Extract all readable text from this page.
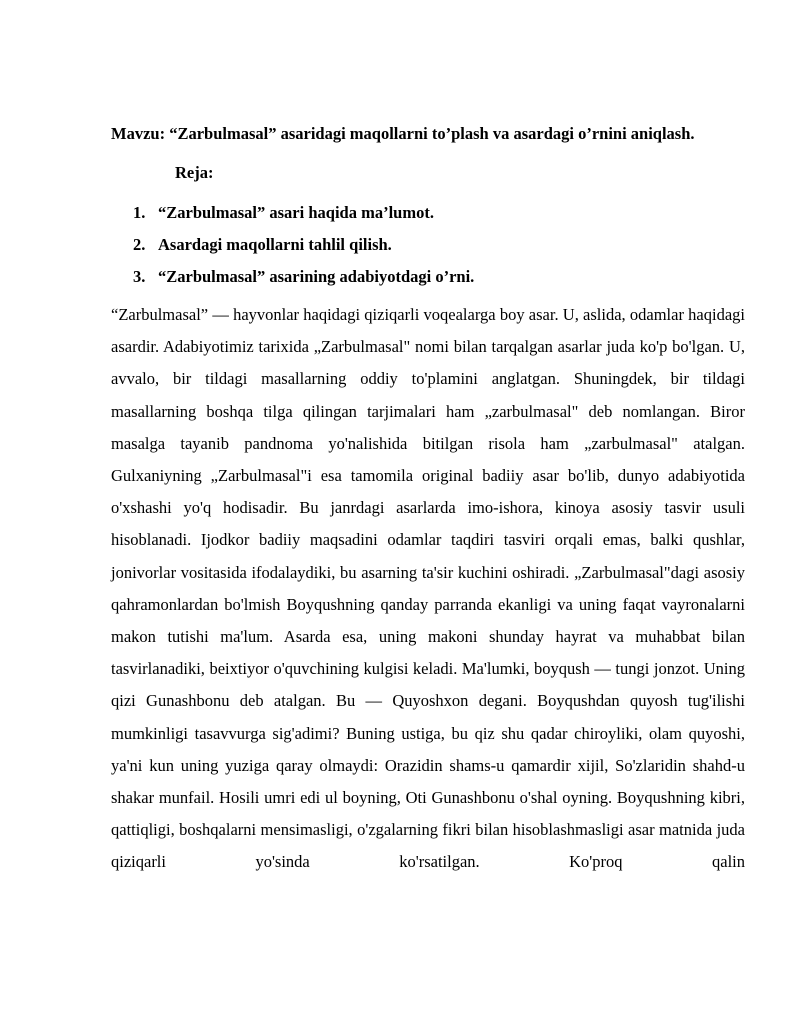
Mavzu: “Zarbulmasal” asaridagi maqollarni to’plash va asardagi o’rnini aniqlash.

Reja:

1. “Zarbulmasal” asari haqida ma’lumot.
2. Asardagi maqollarni tahlil qilish.
3. “Zarbulmasal” asarining adabiyotdagi o’rni.

“Zarbulmasal” — hayvonlar haqidagi qiziqarli voqealarga boy asar. U, aslida, odamlar haqidagi asardir. Adabiyotimiz tarixida „Zarbulmasal" nomi bilan tarqalgan asarlar juda ko'p bo'lgan. U, avvalo, bir tildagi masallarning oddiy to'plamini anglatgan. Shuningdek, bir tildagi masallarning boshqa tilga qilingan tarjimalari ham „zarbulmasal" deb nomlangan. Biror masalga tayanib pandnoma yo'nalishida bitilgan risola ham „zarbulmasal" atalgan. Gulxaniyning „Zarbulmasal"i esa tamomila original badiiy asar bo'lib, dunyo adabiyotida o'xshashi yo'q hodisadir. Bu janrdagi asarlarda imo-ishora, kinoya asosiy tasvir usuli hisoblanadi. Ijodkor badiiy maqsadini odamlar taqdiri tasviri orqali emas, balki qushlar, jonivorlar vositasida ifodalaydiki, bu asarning ta'sir kuchini oshiradi. „Zarbulmasal"dagi asosiy qahramonlardan bo'lmish Boyqushning qanday parranda ekanligi va uning faqat vayronalarni makon tutishi ma'lum. Asarda esa, uning makoni shunday hayrat va muhabbat bilan tasvirlanadiki, beixtiyor o'quvchining kulgisi keladi. Ma'lumki, boyqush — tungi jonzot. Uning qizi Gunashbonu deb atalgan. Bu — Quyoshxon degani. Boyqushdan quyosh tug'ilishi mumkinligi tasavvurga sig'adimi? Buning ustiga, bu qiz shu qadar chiroyliki, olam quyoshi, ya'ni kun uning yuziga qaray olmaydi: Orazidin shams-u qamardir xijil, So'zlaridin shahd-u shakar munfail. Hosili umri edi ul boyning, Oti Gunashbonu o'shal oyning. Boyqushning kibri, qattiqligi, boshqalarni mensimasligi, o'zgalarning fikri bilan hisoblashmasligi asar matnida juda qiziqarli yo'sinda ko'rsatilgan. Ko'proq qalin
